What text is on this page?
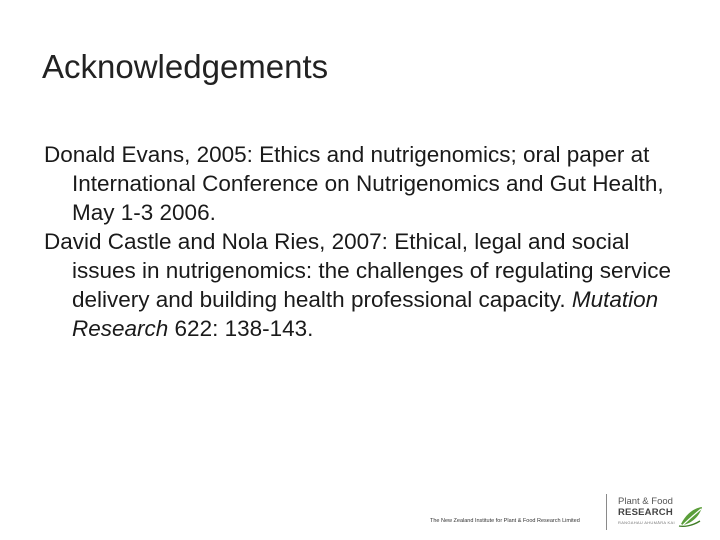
Acknowledgements

Donald Evans, 2005: Ethics and nutrigenomics; oral paper at International Conference on Nutrigenomics and Gut Health, May 1-3 2006.

David Castle and Nola Ries, 2007: Ethical, legal and social issues in nutrigenomics: the challenges of regulating service delivery and building health professional capacity. Mutation Research 622: 138-143.

The New Zealand Institute for Plant & Food Research Limited
Plant & Food
RESEARCH
RANGAHAU AHUMĀRA KAI
